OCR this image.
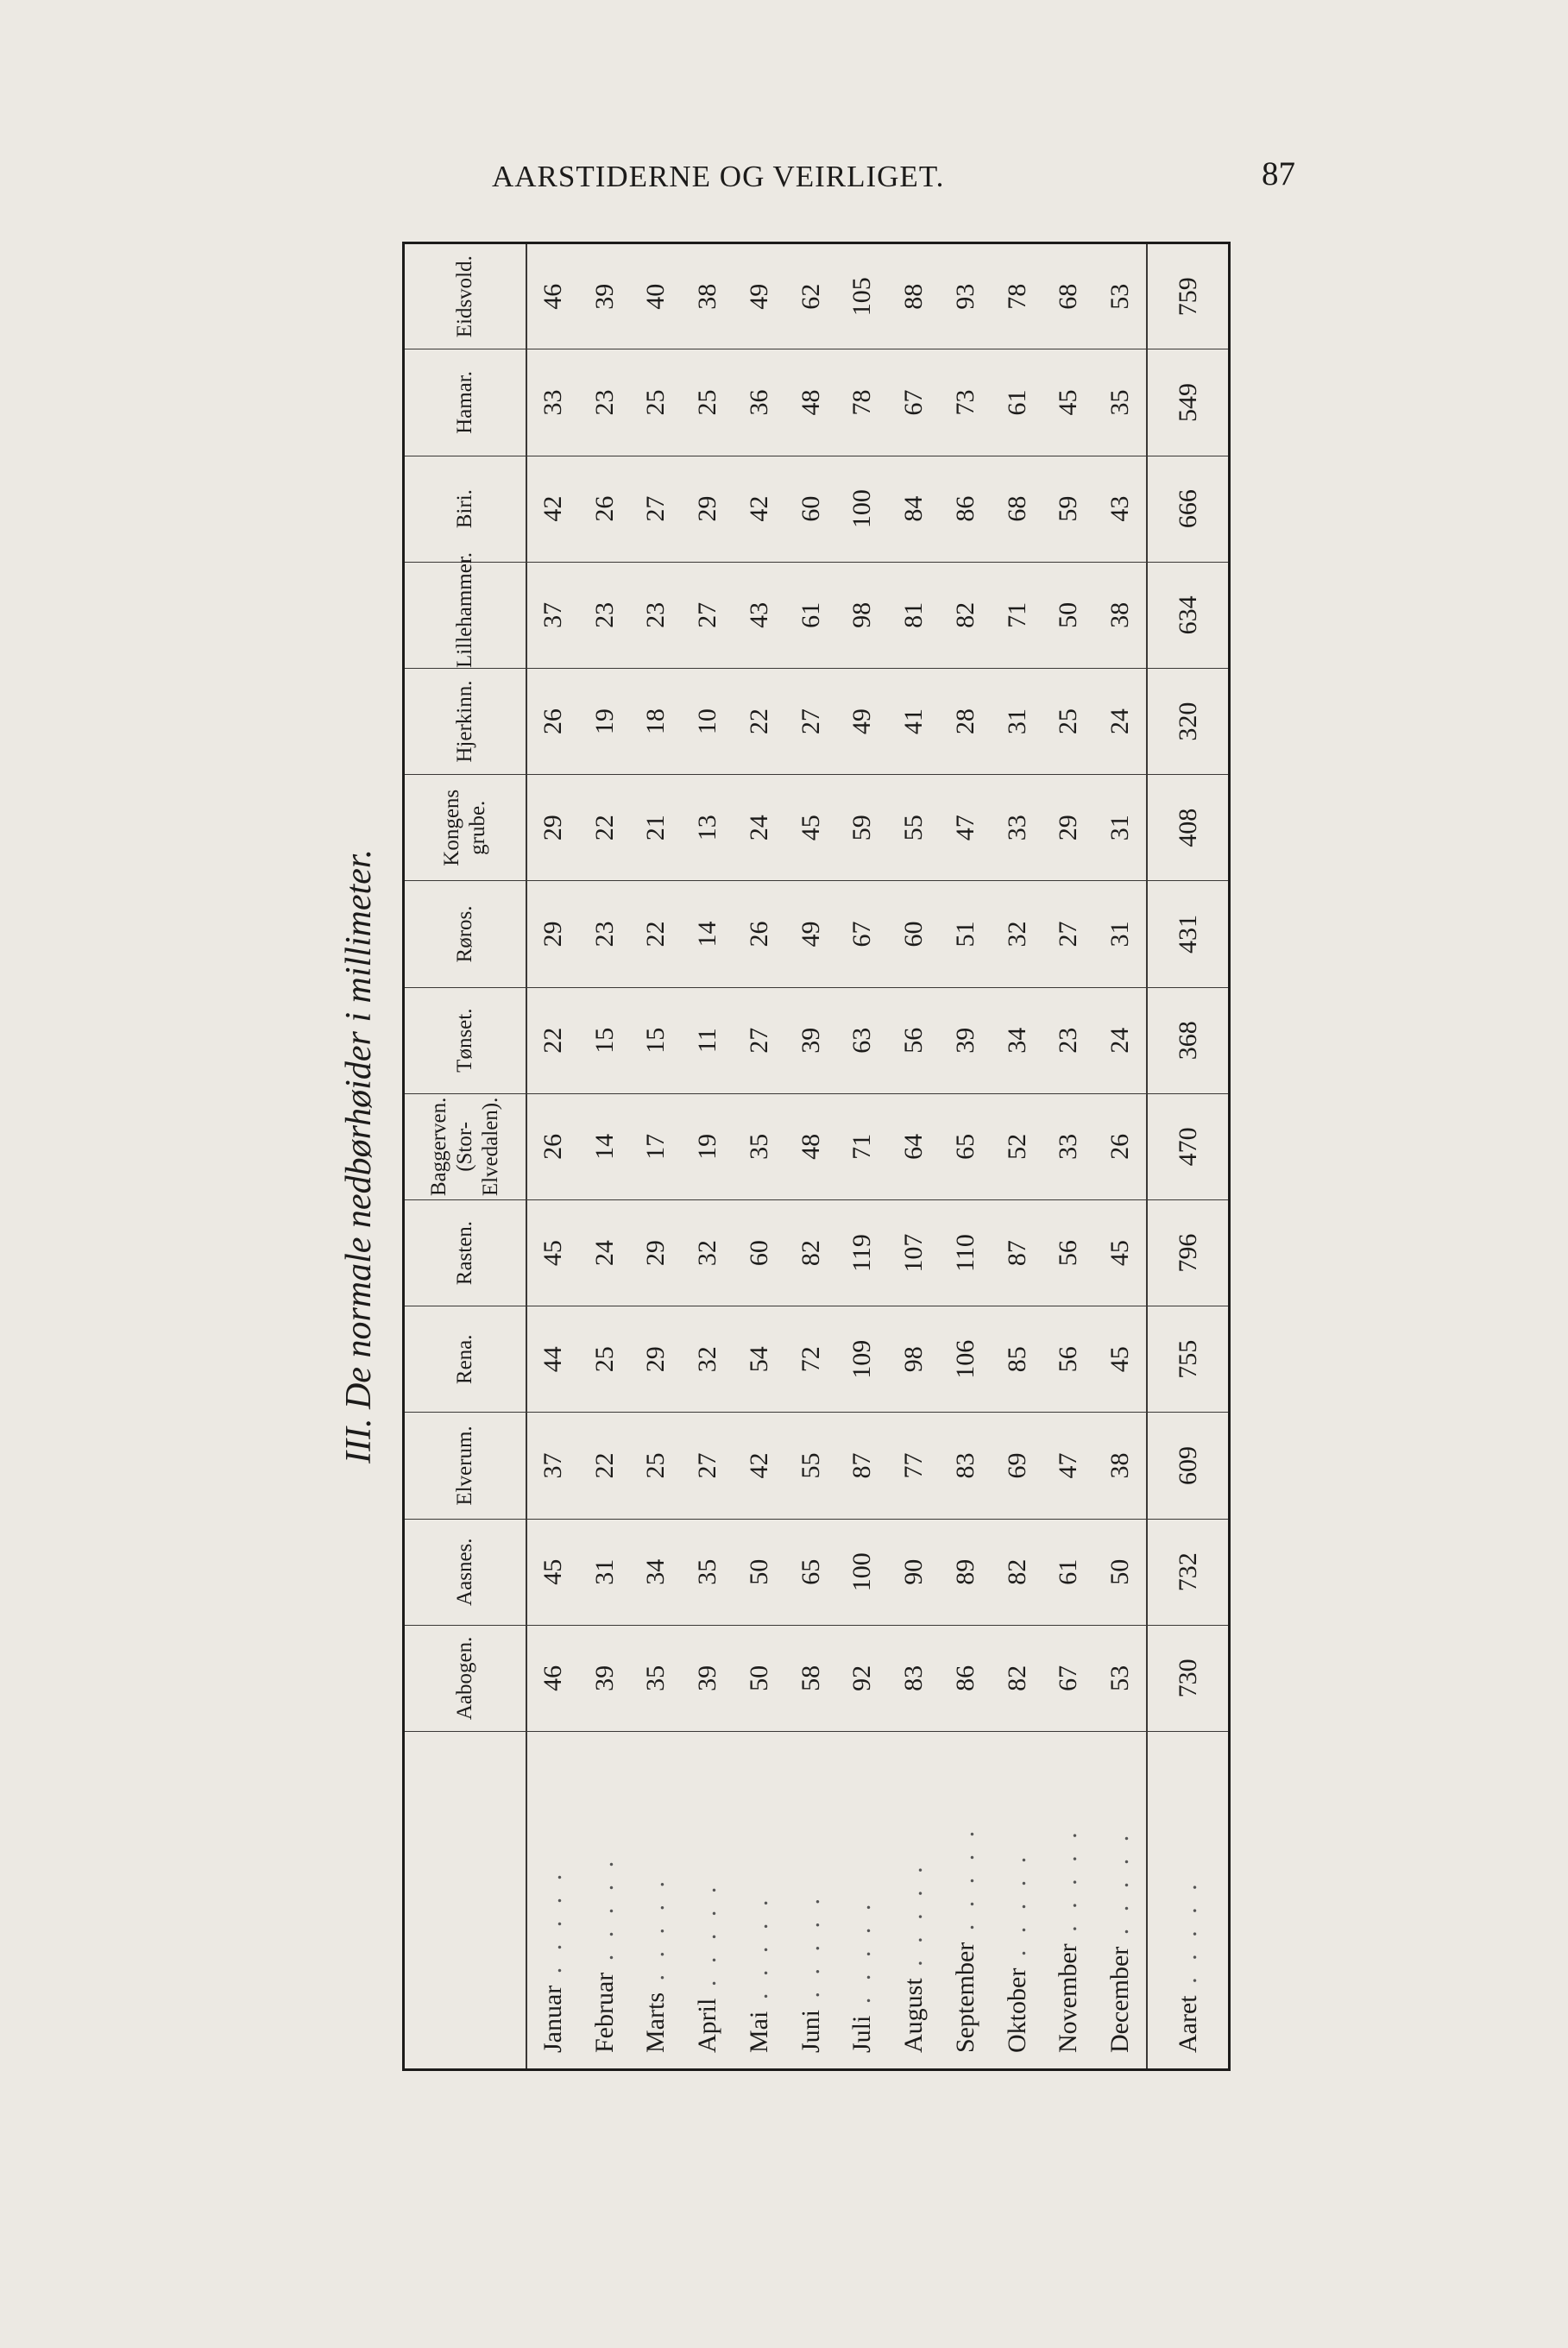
AARSTIDERNE OG VEIRLIGET.	87
III. De normale nedbørhøider i millimeter.
	Aabogen.	Aasnes.	Elverum.	Rena.	Rasten.	Baggerven. (Stor-Elvedalen).	Tønset.	Røros.	Kongens grube.	Hjerkinn.	Lillehammer.	Biri.	Hamar.	Eidsvold.
Januar . . . . .	46	45	37	44	45	26	22	29	29	26	37	42	33	46
Februar . . . . .	39	31	22	25	24	14	15	23	22	19	23	26	23	39
Marts . . . . .	35	34	25	29	29	17	15	22	21	18	23	27	25	40
April . . . . .	39	35	27	32	32	19	11	14	13	10	27	29	25	38
Mai . . . . .	50	50	42	54	60	35	27	26	24	22	43	42	36	49
Juni . . . . .	58	65	55	72	82	48	39	49	45	27	61	60	48	62
Juli . . . . .	92	100	87	109	119	71	63	67	59	49	98	100	78	105
August . . . . .	83	90	77	98	107	64	56	60	55	41	81	84	67	88
September . . . . .	86	89	83	106	110	65	39	51	47	28	82	86	73	93
Oktober . . . . .	82	82	69	85	87	52	34	32	33	31	71	68	61	78
November . . . . .	67	61	47	56	56	33	23	27	29	25	50	59	45	68
December . . . . .	53	50	38	45	45	26	24	31	31	24	38	43	35	53
Aaret . . . . .	730	732	609	755	796	470	368	431	408	320	634	666	549	759
